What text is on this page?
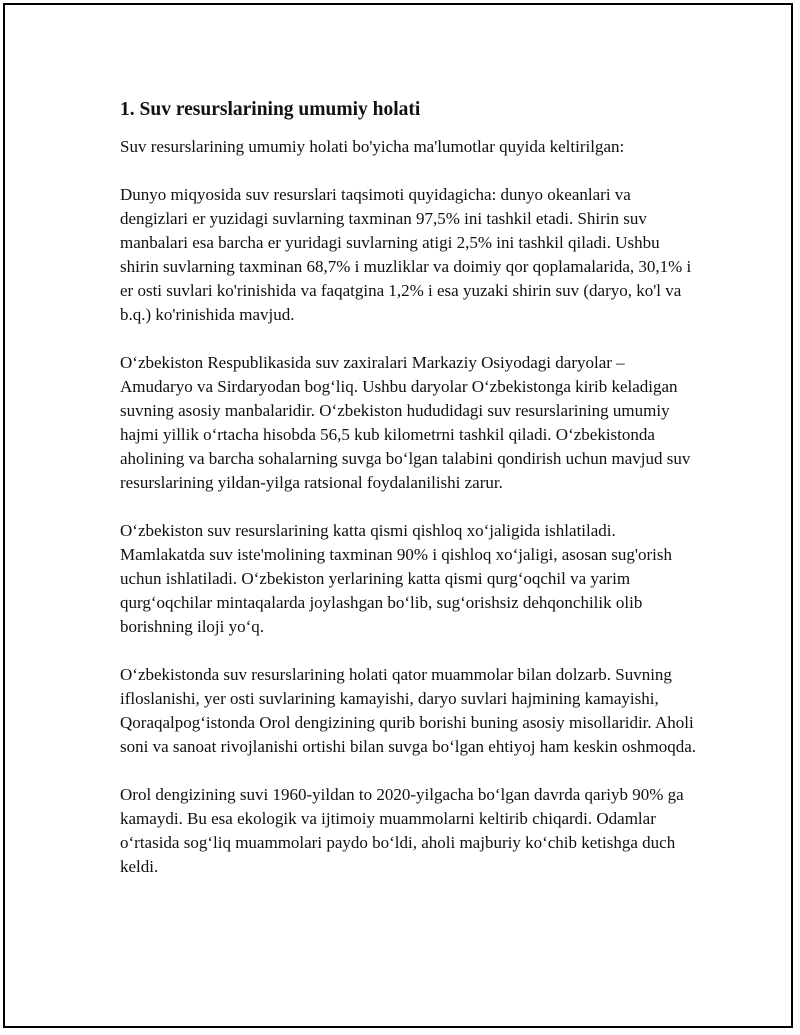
1. Suv resurslarining umumiy holati

Suv resurslarining umumiy holati bo'yicha ma'lumotlar quyida keltirilgan:

Dunyo miqyosida suv resurslari taqsimoti quyidagicha: dunyo okeanlari va dengizlari er yuzidagi suvlarning taxminan 97,5% ini tashkil etadi. Shirin suv manbalari esa barcha er yuridagi suvlarning atigi 2,5% ini tashkil qiladi. Ushbu shirin suvlarning taxminan 68,7% i muzliklar va doimiy qor qoplamalarida, 30,1% i er osti suvlari ko'rinishida va faqatgina 1,2% i esa yuzaki shirin suv (daryo, ko'l va b.q.) ko'rinishida mavjud.

O‘zbekiston Respublikasida suv zaxiralari Markaziy Osiyodagi daryolar – Amudaryo va Sirdaryodan bog‘liq. Ushbu daryolar O‘zbekistonga kirib keladigan suvning asosiy manbalaridir. O‘zbekiston hududidagi suv resurslarining umumiy hajmi yillik o‘rtacha hisobda 56,5 kub kilometrni tashkil qiladi. O‘zbekistonda aholining va barcha sohalarning suvga bo‘lgan talabini qondirish uchun mavjud suv resurslarining yildan-yilga ratsional foydalanilishi zarur.

O‘zbekiston suv resurslarining katta qismi qishloq xo‘jaligida ishlatiladi. Mamlakatda suv iste'molining taxminan 90% i qishloq xo‘jaligi, asosan sug'orish uchun ishlatiladi. O‘zbekiston yerlarining katta qismi qurg‘oqchil va yarim qurg‘oqchilar mintaqalarda joylashgan bo‘lib, sug‘orishsiz dehqonchilik olib borishning iloji yo‘q.

O‘zbekistonda suv resurslarining holati qator muammolar bilan dolzarb. Suvning ifloslanishi, yer osti suvlarining kamayishi, daryo suvlari hajmining kamayishi, Qoraqalpog‘istonda Orol dengizining qurib borishi buning asosiy misollaridir. Aholi soni va sanoat rivojlanishi ortishi bilan suvga bo‘lgan ehtiyoj ham keskin oshmoqda.

Orol dengizining suvi 1960-yildan to 2020-yilgacha bo‘lgan davrda qariyb 90% ga kamaydi. Bu esa ekologik va ijtimoiy muammolarni keltirib chiqardi. Odamlar o‘rtasida sog‘liq muammolari paydo bo‘ldi, aholi majburiy ko‘chib ketishga duch keldi.
